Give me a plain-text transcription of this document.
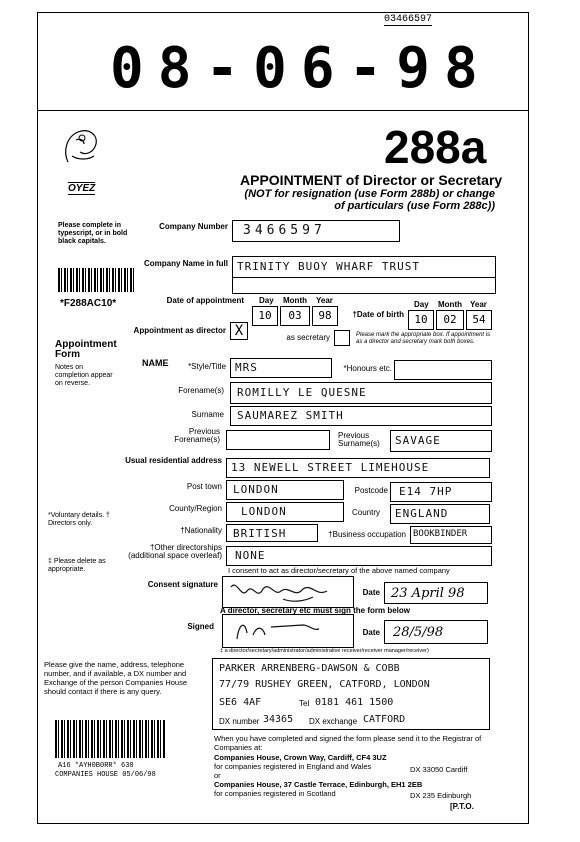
03466597
08-06-98
OYEZ
288a
APPOINTMENT of Director or Secretary
(NOT for resignation (use Form 288b) or change
of particulars (use Form 288c))
Please complete in typescript, or in bold black capitals.
*F288AC10*
Appointment Form
Notes on completion appear on reverse.
*Voluntary details. † Directors only.
‡ Please delete as appropriate.
Please give the name, address, telephone number, and if available, a DX number and Exchange of the person Companies House should contact if there is any query.
A16 *AYH0B0RR* 630
COMPANIES HOUSE 05/06/98
Company Number 3466597
Company Name in full TRINITY BUOY WHARF TRUST
Date of appointment Day Month Year
10	03	98	†Date of birth
Day Month Year
10	02	54
Appointment as director X	as secretary	Please mark the appropriate box. If appointment is as a director and secretary mark both boxes.
NAME	*Style/Title MRS	*Honours etc.
Forename(s) ROMILLY LE QUESNE
Surname SAUMAREZ SMITH
Previous Forename(s)	Previous Surname(s)	SAVAGE
Usual residential address
13 NEWELL STREET LIMEHOUSE
Post town LONDON	Postcode E14 7HP
County/Region LONDON	Country ENGLAND
†Nationality BRITISH	†Business occupation BOOKBINDER
†Other directorships (additional space overleaf) NONE
I consent to act as director/secretary of the above named company
Consent signature
Date 23 April 98
A director, secretary etc must sign the form below
Signed
Date 28/5/98
‡ a director/secretary/administrator/administrative receiver/receiver manager/receiver)
PARKER ARRENBERG-DAWSON & COBB
77/79 RUSHEY GREEN, CATFORD, LONDON
SE6 4AF	Tel 0181 461 1500
DX number 34365 DX exchange CATFORD
When you have completed and signed the form please send it to the Registrar of Companies at:
Companies House, Crown Way, Cardiff, CF4 3UZ
for companies registered in England and Wales	DX 33050 Cardiff
or
Companies House, 37 Castle Terrace, Edinburgh, EH1 2EB
for companies registered in Scotland	DX 235 Edinburgh
[P.T.O.
